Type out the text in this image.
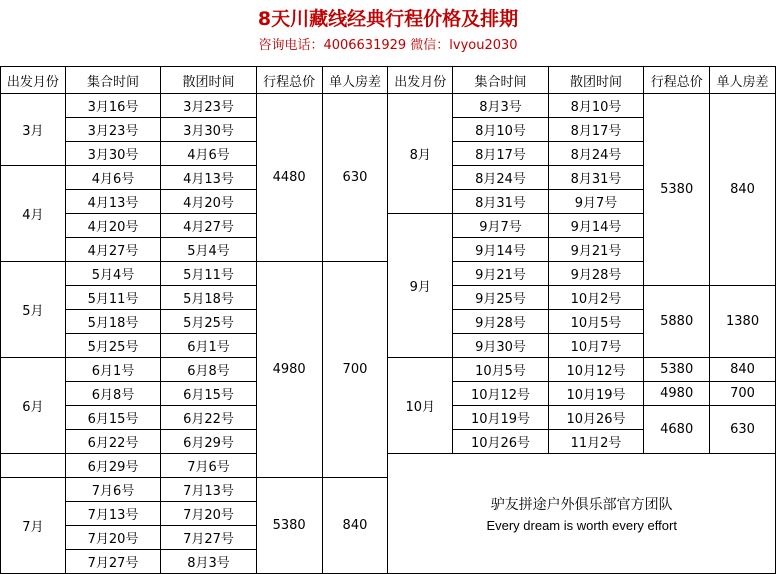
8天川藏线经典行程价格及排期
咨询电话：4006631929 微信：lvyou2030
出发月份	集合时间	散团时间	行程总价	单人房差	出发月份	集合时间	散团时间	行程总价	单人房差
3月	3月16号	3月23号	4480	630	8月	8月3号	8月10号	5380	840
	3月23号	3月30号				8月10号	8月17号		
	3月30号	4月6号				8月17号	8月24号		
4月	4月6号	4月13号				8月24号	8月31号		
	4月13号	4月20号				8月31号	9月7号		
	4月20号	4月27号			9月	9月7号	9月14号		
	4月27号	5月4号				9月14号	9月21号		
5月	5月4号	5月11号	4980	700		9月21号	9月28号		
	5月11号	5月18号				9月25号	10月2号	5880	1380
	5月18号	5月25号				9月28号	10月5号		
	5月25号	6月1号				9月30号	10月7号		
6月	6月1号	6月8号			10月	10月5号	10月12号	5380	840
	6月8号	6月15号				10月12号	10月19号	4980	700
	6月15号	6月22号				10月19号	10月26号	4680	630
	6月22号	6月29号				10月26号	11月2号		
	6月29号	7月6号			驴友拼途户外俱乐部官方团队
Every dream is worth every effort				

7月	7月6号	7月13号	5380	840					
	7月13号	7月20号							
	7月20号	7月27号							
	7月27号	8月3号							
